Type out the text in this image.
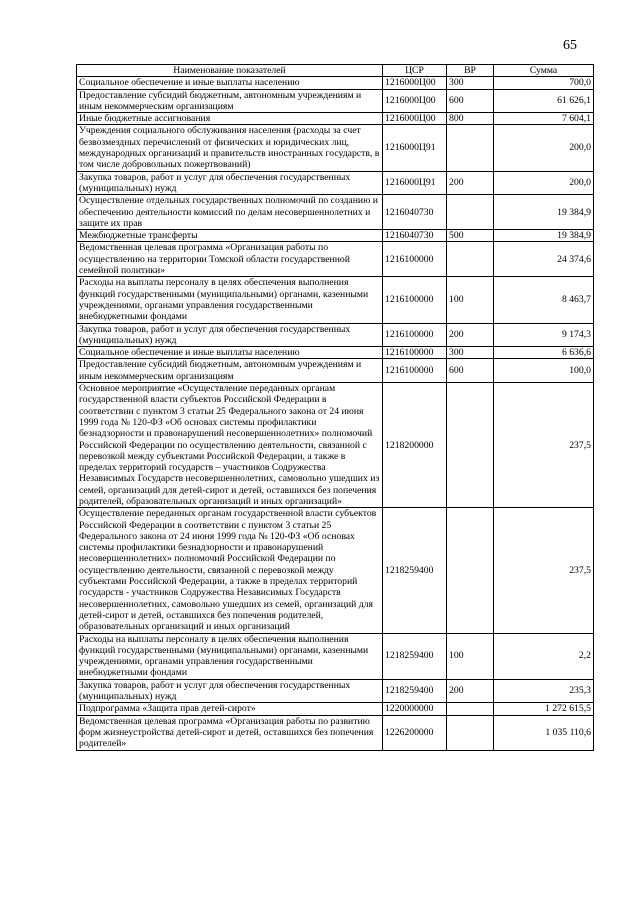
65
Наименование показателей	ЦСР	ВР	Сумма
Социальное обеспечение и иные выплаты населению	1216000Ц00	300	700,0
Предоставление субсидий бюджетным, автономным учреждениям и иным некоммерческим организациям	1216000Ц00	600	61 626,1
Иные бюджетные ассигнования	1216000Ц00	800	7 604,1
Учреждения социального обслуживания населения (расходы за счет безвозмездных перечислений от физических и юридических лиц, международных организаций и правительств иностранных государств, в том числе добровольных пожертвований)	1216000Ц91		200,0
Закупка товаров, работ и услуг для обеспечения государственных (муниципальных) нужд	1216000Ц91	200	200,0
Осуществление отдельных государственных полномочий по созданию и обеспечению деятельности комиссий по делам несовершеннолетних и защите их прав	1216040730		19 384,9
Межбюджетные трансферты	1216040730	500	19 384,9
Ведомственная целевая программа «Организация работы по осуществлению на территории Томской области государственной семейной политики»	1216100000		24 374,6
Расходы на выплаты персоналу в целях обеспечения выполнения функций государственными (муниципальными) органами, казенными учреждениями, органами управления государственными внебюджетными фондами	1216100000	100	8 463,7
Закупка товаров, работ и услуг для обеспечения государственных (муниципальных) нужд	1216100000	200	9 174,3
Социальное обеспечение и иные выплаты населению	1216100000	300	6 636,6
Предоставление субсидий бюджетным, автономным учреждениям и иным некоммерческим организациям	1216100000	600	100,0
Основное мероприятие «Осуществление переданных органам государственной власти субъектов Российской Федерации в соответствии с пунктом 3 статьи 25 Федерального закона от 24 июня 1999 года № 120-ФЗ «Об основах системы профилактики безнадзорности и правонарушений несовершеннолетних» полномочий Российской Федерации по осуществлению деятельности, связанной с перевозкой между субъектами Российской Федерации, а также в пределах территорий государств – участников Содружества Независимых Государств несовершеннолетних, самовольно ушедших из семей, организаций для детей-сирот и детей, оставшихся без попечения родителей, образовательных организаций и иных организаций»	1218200000		237,5
Осуществление переданных органам государственной власти субъектов Российской Федерации в соответствии с пунктом 3 статьи 25 Федерального закона от 24 июня 1999 года № 120-ФЗ «Об основах системы профилактики безнадзорности и правонарушений несовершеннолетних» полномочий Российской Федерации по осуществлению деятельности, связанной с перевозкой между субъектами Российской Федерации, а также в пределах территорий государств - участников Содружества Независимых Государств несовершеннолетних, самовольно ушедших из семей, организаций для детей-сирот и детей, оставшихся без попечения родителей, образовательных организаций и иных организаций	1218259400		237,5
Расходы на выплаты персоналу в целях обеспечения выполнения функций государственными (муниципальными) органами, казенными учреждениями, органами управления государственными внебюджетными фондами	1218259400	100	2,2
Закупка товаров, работ и услуг для обеспечения государственных (муниципальных) нужд	1218259400	200	235,3
Подпрограмма «Защита прав детей-сирот»	1220000000		1 272 615,5
Ведомственная целевая программа «Организация работы по развитию форм жизнеустройства детей-сирот и детей, оставшихся без попечения родителей»	1226200000		1 035 110,6
